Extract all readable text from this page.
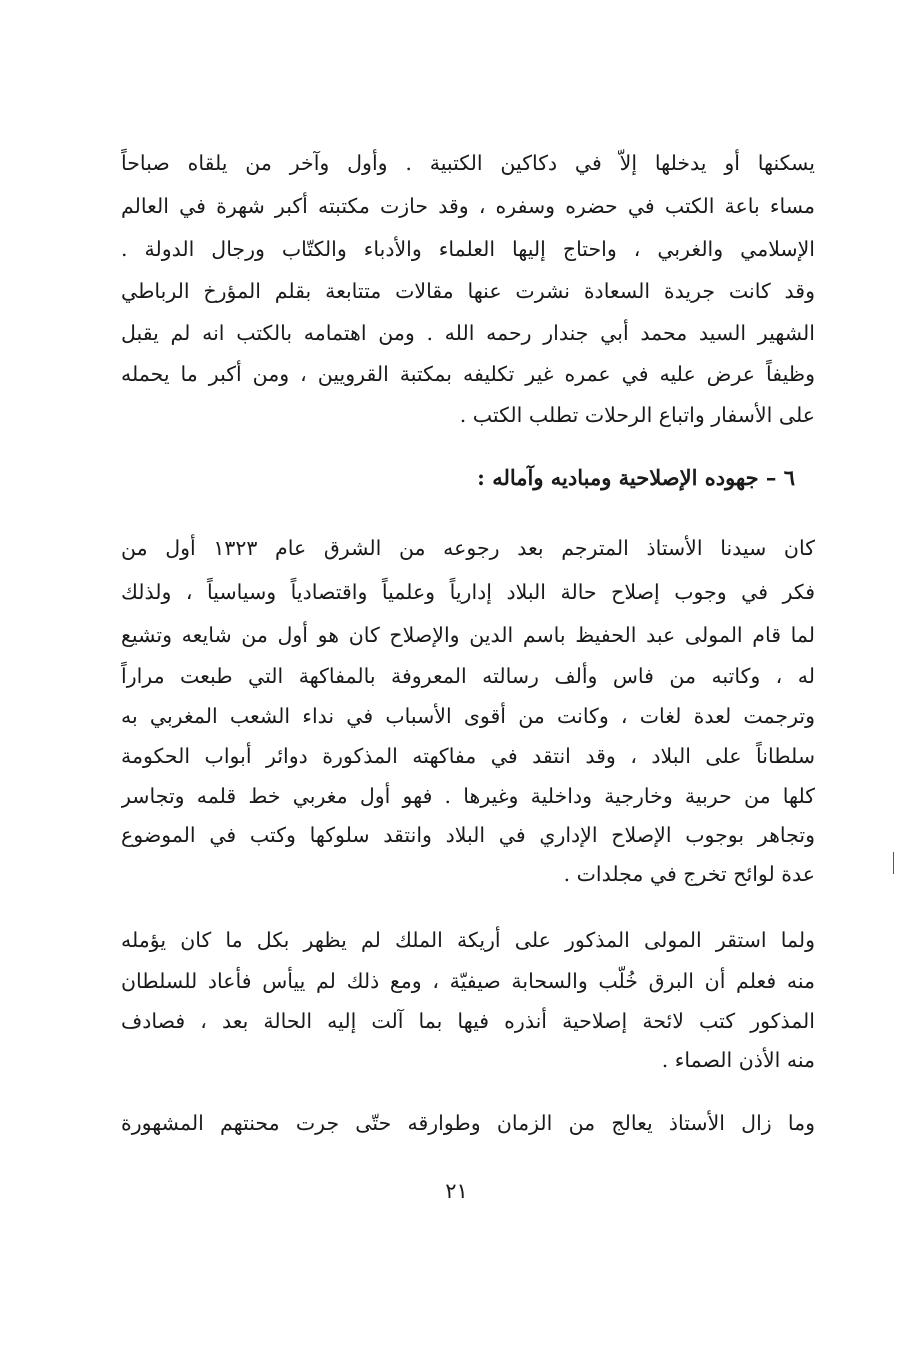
يسكنها أو يدخلها إلاّ في دكاكين الكتبية . وأول وآخر من يلقاه صباحاً
مساء باعة الكتب في حضره وسفره ، وقد حازت مكتبته أكبر شهرة في العالم
الإسلامي والغربي ، واحتاج إليها العلماء والأدباء والكتّاب ورجال الدولة .
وقد كانت جريدة السعادة نشرت عنها مقالات متتابعة بقلم المؤرخ الرباطي
الشهير السيد محمد أبي جندار رحمه الله . ومن اهتمامه بالكتب انه لم يقبل
وظيفاً عرض عليه في عمره غير تكليفه بمكتبة القرويين ، ومن أكبر ما يحمله
على الأسفار واتباع الرحلات تطلب الكتب .
٦ – جهوده الإصلاحية ومباديه وآماله :
كان سيدنا الأستاذ المترجم بعد رجوعه من الشرق عام ١٣٢٣ أول من
فكر في وجوب إصلاح حالة البلاد إدارياً وعلمياً واقتصادياً وسياسياً ، ولذلك
لما قام المولى عبد الحفيظ باسم الدين والإصلاح كان هو أول من شايعه وتشيع
له ، وكاتبه من فاس وألف رسالته المعروفة بالمفاكهة التي طبعت مراراً
وترجمت لعدة لغات ، وكانت من أقوى الأسباب في نداء الشعب المغربي به
سلطاناً على البلاد ، وقد انتقد في مفاكهته المذكورة دوائر أبواب الحكومة
كلها من حربية وخارجية وداخلية وغيرها . فهو أول مغربي خط قلمه وتجاسر
وتجاهر بوجوب الإصلاح الإداري في البلاد وانتقد سلوكها وكتب في الموضوع
عدة لوائح تخرج في مجلدات .
ولما استقر المولى المذكور على أريكة الملك لم يظهر بكل ما كان يؤمله
منه فعلم أن البرق خُلّب والسحابة صيفيّة ، ومع ذلك لم ييأس فأعاد للسلطان
المذكور كتب لائحة إصلاحية أنذره فيها بما آلت إليه الحالة بعد ، فصادف
منه الأذن الصماء .
وما زال الأستاذ يعالج من الزمان وطوارقه حتّى جرت محنتهم المشهورة
٢١
